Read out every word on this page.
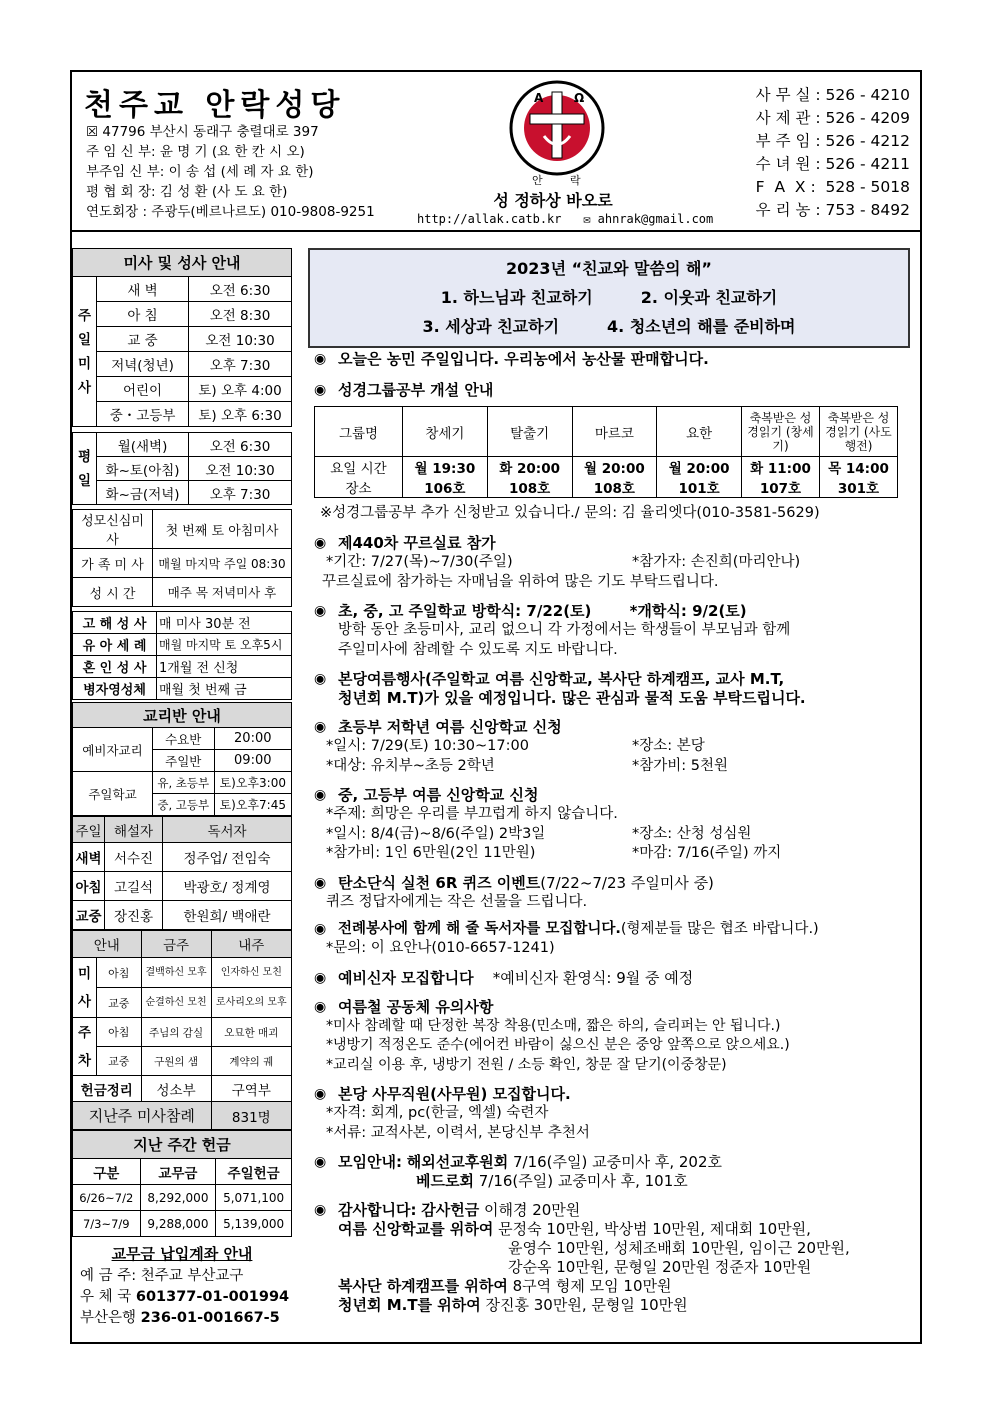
천주교 안락성당
☒ 47796 부산시 동래구 충렬대로 397
주 임 신 부: 윤 명 기 (요 한 칸 시 오)
부주임 신 부: 이 송 섭 (세 례 자 요 한)
평 협 회 장: 김 성 환 (사 도 요 한)
연도회장 : 주광두(베르나르도) 010-9808-9251
A	Ω
안 락
성 정하상 바오로
http://allak.catb.kr ✉ ahnrak@gmail.com
사 무 실 : 526 - 4210
사 제 관 : 526 - 4209
부 주 임 : 526 - 4212
수 녀 원 : 526 - 4211
F  A  X :  528 - 5018
우 리 농 : 753 - 8492
미사 및 성사 안내		
주
일
미
사	새 벽	오전 6:30
	아 침	오전 8:30
	교 중	오전 10:30
	저녁(청년)	오후 7:30
	어린이	토) 오후 4:00
	중・고등부	토) 오후 6:30

평
일	월(새벽)	오전 6:30
	화~토(아침)	오전 10:30
	화~금(저녁)	오후 7:30
성모신심미사	첫 번째 토 아침미사
가 족 미 사	매월 마지막 주일 08:30
성 시 간	매주 목 저녁미사 후
고 해 성 사	매 미사 30분 전
유 아 세 례	매월 마지막 토 오후5시
혼 인 성 사	1개월 전 신청
병자영성체	매월 첫 번째 금
교리반 안내		
예비자교리	수요반	20:00
	주일반	09:00
주일학교	유, 초등부	토)오후3:00
	중, 고등부	토)오후7:45
주일	해설자	독서자
새벽	서수진	정주업/ 전임숙
아침	고길석	박광호/ 정계영
교중	장진홍	한원희/ 백애란
안내		금주	내주
미
사	아침	결백하신 모후	인자하신 모친
	교중	순결하신 모친	로사리오의 모후
주
차	아침	주님의 감실	오묘한 매괴
	교중	구원의 샘	계약의 궤
헌금정리		성소부	구역부
지난주 미사참례			831명
지난 주간 헌금		
구분	교무금	주일헌금
6/26~7/2	8,292,000	5,071,100
7/3~7/9	9,288,000	5,139,000
교무금 납입계좌 안내
예 금 주: 천주교 부산교구
우 체 국 601377-01-001994
부산은행 236-01-001667-5
2023년 “친교와 말씀의 해”
1. 하느님과 친교하기	2. 이웃과 친교하기
3. 세상과 친교하기	4. 청소년의 해를 준비하며
◉ 오늘은 농민 주일입니다. 우리농에서 농산물 판매합니다.
◉ 성경그룹공부 개설 안내
그룹명	창세기	탈출기	마르코	요한	축복받은 성경읽기 (창세기)	축복받은 성경읽기 (사도행전)
요일 시간	월 19:30	화 20:00	월 20:00	월 20:00	화 11:00	목 14:00
장소	106호	108호	108호	101호	107호	301호
※성경그룹공부 추가 신청받고 있습니다./ 문의: 김 율리엣다(010-3581-5629)
◉ 제440차 꾸르실료 참가
*기간: 7/27(목)~7/30(주일)	*참가자: 손진희(마리안나)
꾸르실료에 참가하는 자매님을 위하여 많은 기도 부탁드립니다.
◉ 초, 중, 고 주일학교 방학식: 7/22(토)	*개학식: 9/2(토)
방학 동안 초등미사, 교리 없으니 각 가정에서는 학생들이 부모님과 함께
주일미사에 참례할 수 있도록 지도 바랍니다.
◉ 본당여름행사(주일학교 여름 신앙학교, 복사단 하계캠프, 교사 M.T,
청년회 M.T)가 있을 예정입니다. 많은 관심과 물적 도움 부탁드립니다.
◉ 초등부 저학년 여름 신앙학교 신청
*일시: 7/29(토) 10:30~17:00	*장소: 본당
*대상: 유치부~초등 2학년	*참가비: 5천원
◉ 중, 고등부 여름 신앙학교 신청
*주제: 희망은 우리를 부끄럽게 하지 않습니다.
*일시: 8/4(금)~8/6(주일) 2박3일	*장소: 산청 성심원
*참가비: 1인 6만원(2인 11만원)	*마감: 7/16(주일) 까지
◉ 탄소단식 실천 6R 퀴즈 이벤트(7/22~7/23 주일미사 중)
퀴즈 정답자에게는 작은 선물을 드립니다.
◉ 전례봉사에 함께 해 줄 독서자를 모집합니다.(형제분들 많은 협조 바랍니다.)
*문의: 이 요안나(010-6657-1241)
◉ 예비신자 모집합니다 *예비신자 환영식: 9월 중 예정
◉ 여름철 공동체 유의사항
*미사 참례할 때 단정한 복장 착용(민소매, 짧은 하의, 슬리퍼는 안 됩니다.)
*냉방기 적정온도 준수(에어컨 바람이 싫으신 분은 중앙 앞쪽으로 앉으세요.)
*교리실 이용 후, 냉방기 전원 / 소등 확인, 창문 잘 닫기(이중창문)
◉ 본당 사무직원(사무원) 모집합니다.
*자격: 회계, pc(한글, 엑셀) 숙련자
*서류: 교적사본, 이력서, 본당신부 추천서
◉ 모임안내: 해외선교후원회 7/16(주일) 교중미사 후, 202호
베드로회 7/16(주일) 교중미사 후, 101호
◉ 감사합니다: 감사헌금 이해경 20만원
여름 신앙학교를 위하여 문정숙 10만원, 박상범 10만원, 제대회 10만원,
윤영수 10만원, 성체조배회 10만원, 임이근 20만원,
강순옥 10만원, 문형일 20만원 정준자 10만원
복사단 하계캠프를 위하여 8구역 형제 모임 10만원
청년회 M.T를 위하여 장진홍 30만원, 문형일 10만원
